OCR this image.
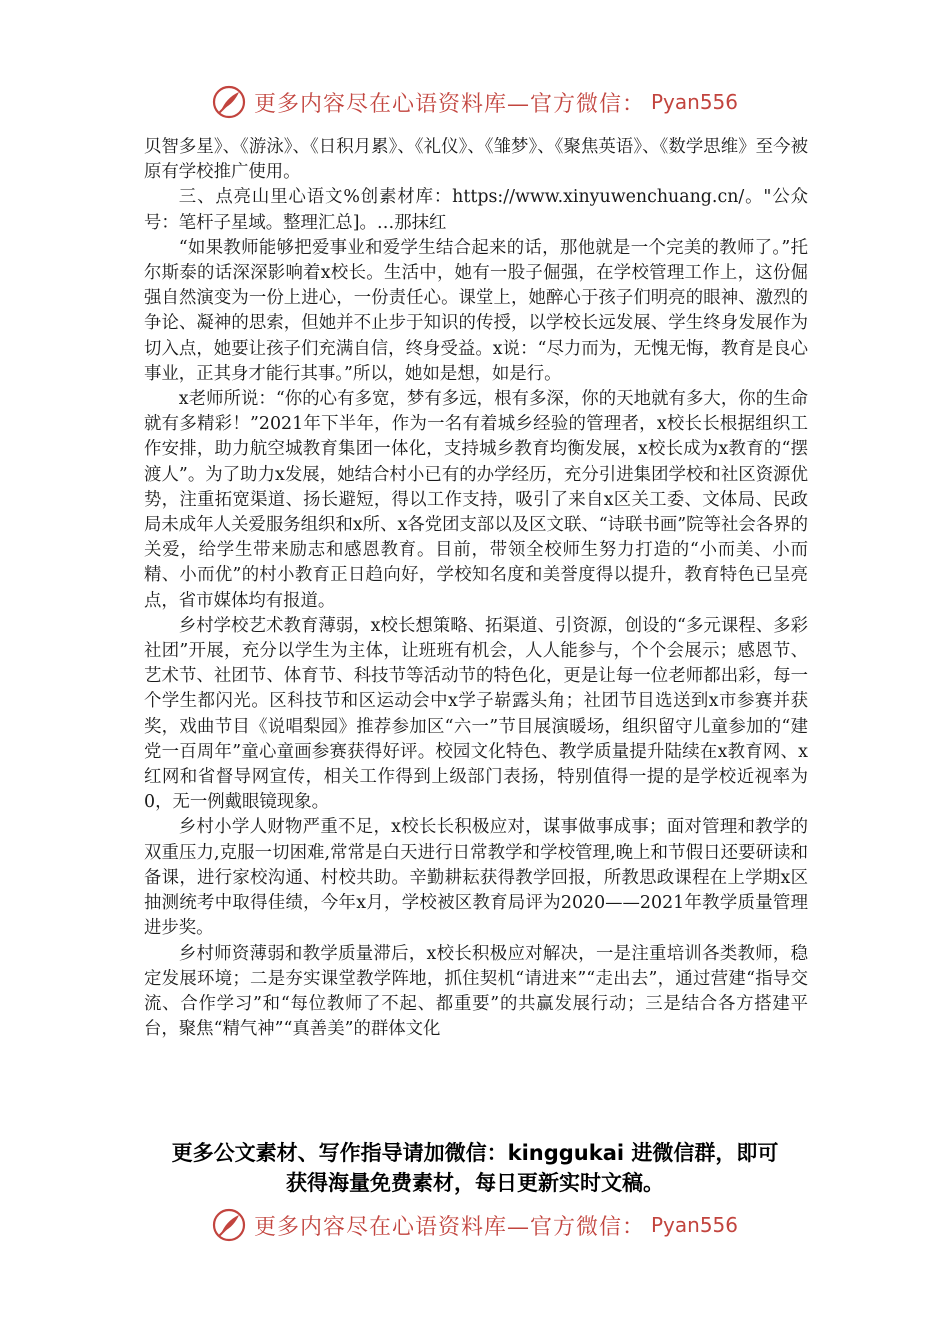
更多内容尽在心语资料库—官方微信： Pyan556

贝智多星》、《游泳》、《日积月累》、《礼仪》、《雏梦》、《聚焦英语》、《数学思维》至今被原有学校推广使用。

三、点亮山里心语文%创素材库：https://www.xinyuwenchuang.cn/。"公众号：笔杆子星域。整理汇总]。…那抹红

“如果教师能够把爱事业和爱学生结合起来的话，那他就是一个完美的教师了。”托尔斯泰的话深深影响着x校长。生活中，她有一股子倔强，在学校管理工作上，这份倔强自然演变为一份上进心，一份责任心。课堂上，她醉心于孩子们明亮的眼神、激烈的争论、凝神的思索，但她并不止步于知识的传授，以学校长远发展、学生终身发展作为切入点，她要让孩子们充满自信，终身受益。x说：“尽力而为，无愧无悔，教育是良心事业，正其身才能行其事。”所以，她如是想，如是行。

x老师所说：“你的心有多宽，梦有多远，根有多深，你的天地就有多大，你的生命就有多精彩！”2021年下半年，作为一名有着城乡经验的管理者，x校长长根据组织工作安排，助力航空城教育集团一体化，支持城乡教育均衡发展，x校长成为x教育的“摆渡人”。为了助力x发展，她结合村小已有的办学经历，充分引进集团学校和社区资源优势，注重拓宽渠道、扬长避短，得以工作支持，吸引了来自x区关工委、文体局、民政局未成年人关爱服务组织和x所、x各党团支部以及区文联、“诗联书画”院等社会各界的关爱，给学生带来励志和感恩教育。目前，带领全校师生努力打造的“小而美、小而精、小而优”的村小教育正日趋向好，学校知名度和美誉度得以提升，教育特色已呈亮点，省市媒体均有报道。

乡村学校艺术教育薄弱，x校长想策略、拓渠道、引资源，创设的“多元课程、多彩社团”开展，充分以学生为主体，让班班有机会，人人能参与，个个会展示；感恩节、艺术节、社团节、体育节、科技节等活动节的特色化，更是让每一位老师都出彩，每一个学生都闪光。区科技节和区运动会中x学子崭露头角；社团节目选送到x市参赛并获奖，戏曲节目《说唱梨园》推荐参加区“六一”节目展演暖场，组织留守儿童参加的“建党一百周年”童心童画参赛获得好评。校园文化特色、教学质量提升陆续在x教育网、x红网和省督导网宣传，相关工作得到上级部门表扬，特别值得一提的是学校近视率为0，无一例戴眼镜现象。

乡村小学人财物严重不足，x校长长积极应对，谋事做事成事；面对管理和教学的双重压力,克服一切困难,常常是白天进行日常教学和学校管理,晚上和节假日还要研读和备课，进行家校沟通、村校共助。辛勤耕耘获得教学回报，所教思政课程在上学期x区抽测统考中取得佳绩，今年x月，学校被区教育局评为2020——2021年教学质量管理进步奖。

乡村师资薄弱和教学质量滞后，x校长积极应对解决，一是注重培训各类教师，稳定发展环境；二是夯实课堂教学阵地，抓住契机“请进来”“走出去”，通过营建“指导交流、合作学习”和“每位教师了不起、都重要”的共赢发展行动；三是结合各方搭建平台，聚焦“精气神”“真善美”的群体文化

更多公文素材、写作指导请加微信：kinggukai 进微信群，即可
获得海量免费素材，每日更新实时文稿。
更多内容尽在心语资料库—官方微信： Pyan556
